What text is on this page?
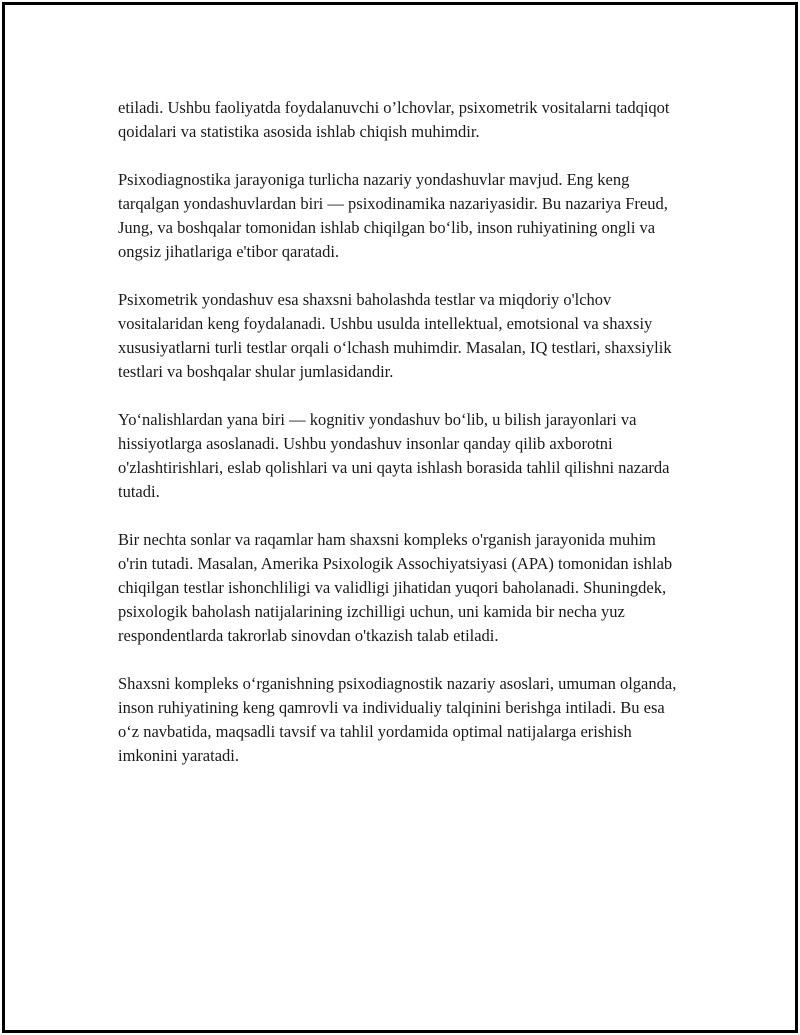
etiladi. Ushbu faoliyatda foydalanuvchi o’lchovlar, psixometrik vositalarni tadqiqot qoidalari va statistika asosida ishlab chiqish muhimdir.

Psixodiagnostika jarayoniga turlicha nazariy yondashuvlar mavjud. Eng keng tarqalgan yondashuvlardan biri — psixodinamika nazariyasidir. Bu nazariya Freud, Jung, va boshqalar tomonidan ishlab chiqilgan bo‘lib, inson ruhiyatining ongli va ongsiz jihatlariga e'tibor qaratadi.

Psixometrik yondashuv esa shaxsni baholashda testlar va miqdoriy o'lchov vositalaridan keng foydalanadi. Ushbu usulda intellektual, emotsional va shaxsiy xususiyatlarni turli testlar orqali o‘lchash muhimdir. Masalan, IQ testlari, shaxsiylik testlari va boshqalar shular jumlasidandir.

Yo‘nalishlardan yana biri — kognitiv yondashuv bo‘lib, u bilish jarayonlari va hissiyotlarga asoslanadi. Ushbu yondashuv insonlar qanday qilib axborotni o'zlashtirishlari, eslab qolishlari va uni qayta ishlash borasida tahlil qilishni nazarda tutadi.

Bir nechta sonlar va raqamlar ham shaxsni kompleks o'rganish jarayonida muhim o'rin tutadi. Masalan, Amerika Psixologik Assochiyatsiyasi (APA) tomonidan ishlab chiqilgan testlar ishonchliligi va validligi jihatidan yuqori baholanadi. Shuningdek, psixologik baholash natijalarining izchilligi uchun, uni kamida bir necha yuz respondentlarda takrorlab sinovdan o'tkazish talab etiladi.

Shaxsni kompleks o‘rganishning psixodiagnostik nazariy asoslari, umuman olganda, inson ruhiyatining keng qamrovli va individualiy talqinini berishga intiladi. Bu esa o‘z navbatida, maqsadli tavsif va tahlil yordamida optimal natijalarga erishish imkonini yaratadi.
